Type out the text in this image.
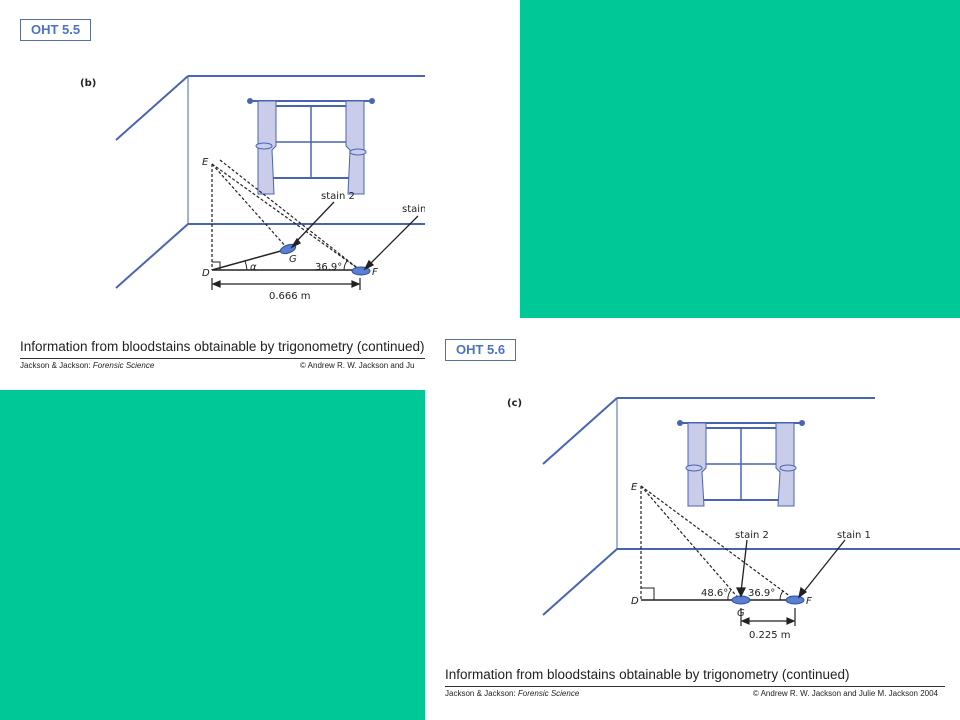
OHT 5.5
(b)
E
D
G
F
α	36.9°
stain 2
stain 1
0.666 m
Information from bloodstains obtainable by trigonometry (continued)
Jackson & Jackson: Forensic Science	© Andrew R. W. Jackson and Ju
OHT 5.6
(c)
E
D
G
F
48.6° 36.9°
stain 2	stain 1
0.225 m
Information from bloodstains obtainable by trigonometry (continued)
Jackson & Jackson: Forensic Science	© Andrew R. W. Jackson and Julie M. Jackson 2004
